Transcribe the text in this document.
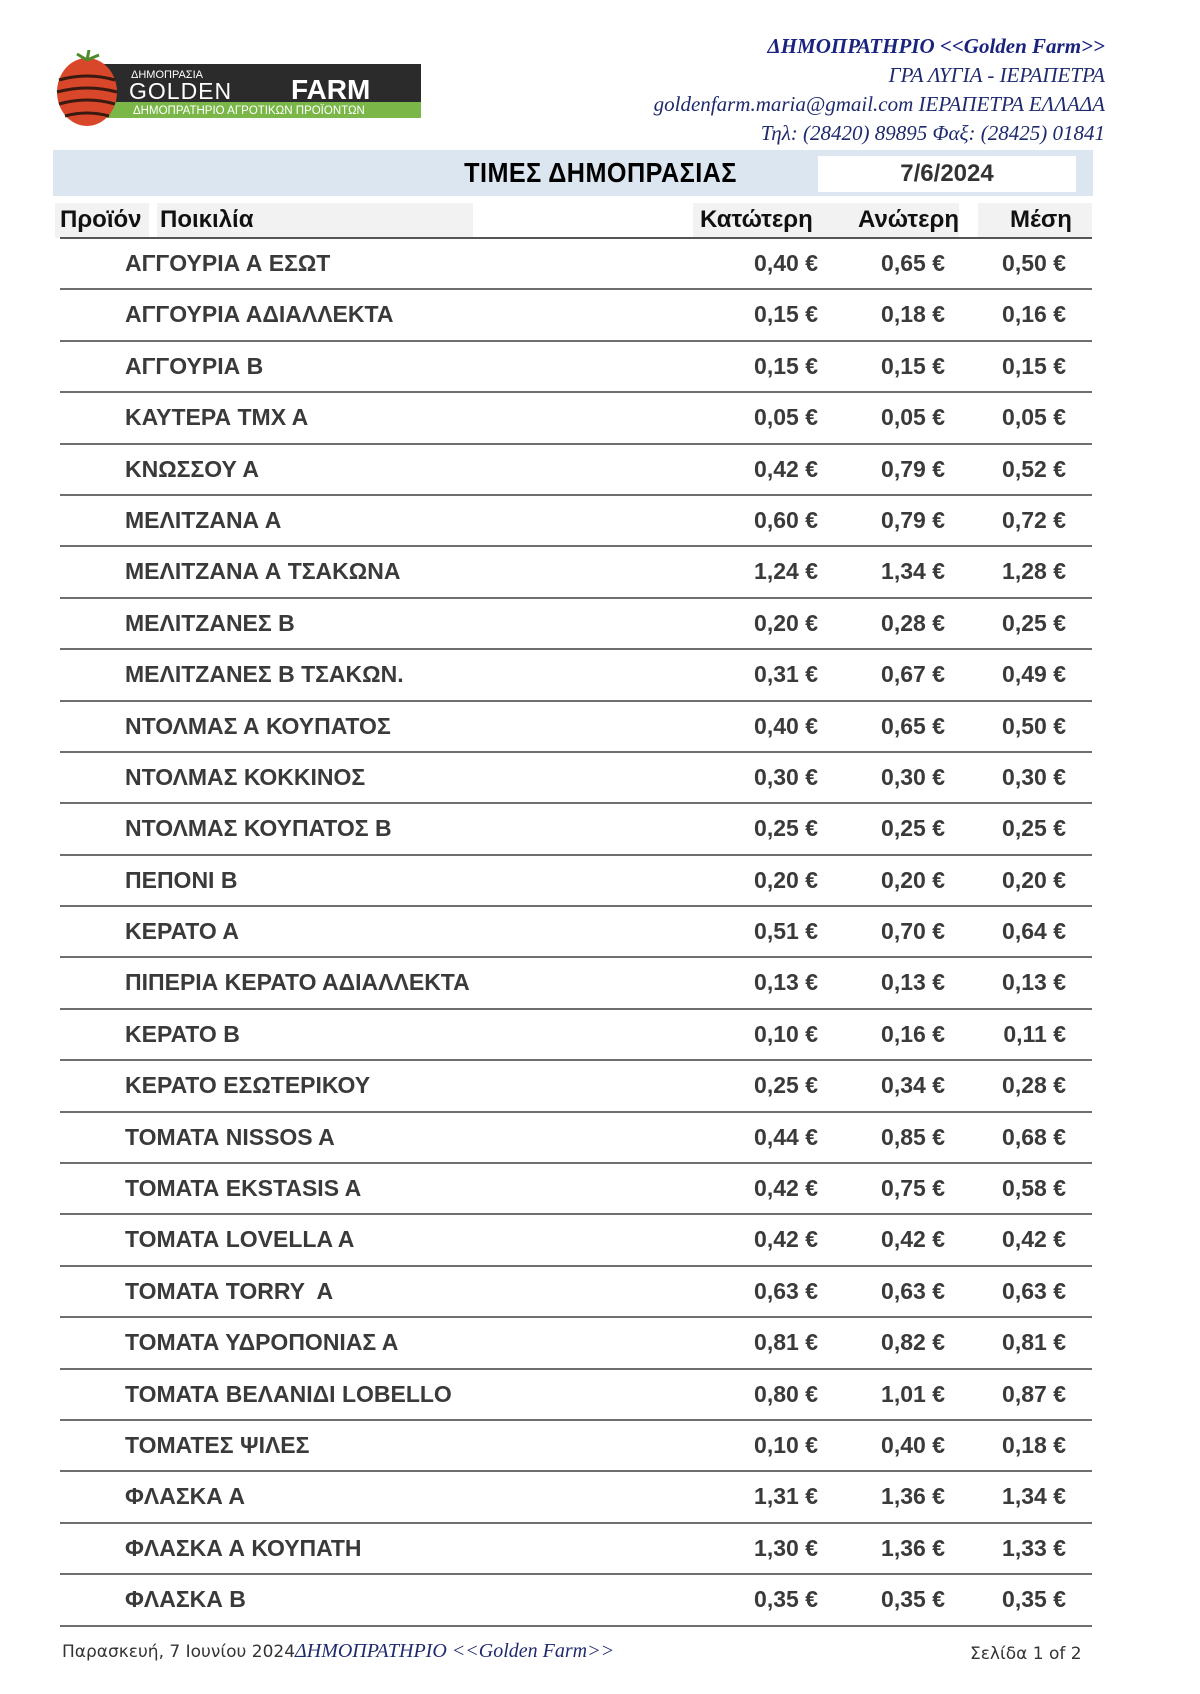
ΔΗΜΟΠΡΑΣΙΑ
GOLDEN FARM
ΔΗΜΟΠΡΑΤΗΡΙΟ ΑΓΡΟΤΙΚΩΝ ΠΡΟΪΟΝΤΩΝ
ΔΗΜΟΠΡΑΤΗΡΙΟ <<Golden Farm>>
ΓΡΑ ΛΥΓΙΑ - ΙΕΡΑΠΕΤΡΑ
goldenfarm.maria@gmail.com ΙΕΡΑΠΕΤΡΑ ΕΛΛΑΔΑ
Τηλ: (28420) 89895 Φαξ: (28425) 01841
ΤΙΜΕΣ ΔΗΜΟΠΡΑΣΙΑΣ	7/6/2024
Προϊόν Ποικιλία	Κατώτερη Ανώτερη Μέση
ΑΓΓΟΥΡΙΑ Α ΕΣΩΤ	0,40 €	0,65 €	0,50 €
ΑΓΓΟΥΡΙΑ ΑΔΙΑΛΛΕΚΤΑ	0,15 €	0,18 €	0,16 €
ΑΓΓΟΥΡΙΑ Β	0,15 €	0,15 €	0,15 €
ΚΑΥΤΕΡΑ ΤΜΧ Α	0,05 €	0,05 €	0,05 €
ΚΝΩΣΣΟΥ Α	0,42 €	0,79 €	0,52 €
ΜΕΛΙΤΖΑΝΑ Α	0,60 €	0,79 €	0,72 €
ΜΕΛΙΤΖΑΝΑ Α ΤΣΑΚΩΝΑ	1,24 €	1,34 €	1,28 €
ΜΕΛΙΤΖΑΝΕΣ Β	0,20 €	0,28 €	0,25 €
ΜΕΛΙΤΖΑΝΕΣ Β ΤΣΑΚΩΝ.	0,31 €	0,67 €	0,49 €
ΝΤΟΛΜΑΣ Α ΚΟΥΠΑΤΟΣ	0,40 €	0,65 €	0,50 €
ΝΤΟΛΜΑΣ ΚΟΚΚΙΝΟΣ	0,30 €	0,30 €	0,30 €
ΝΤΟΛΜΑΣ ΚΟΥΠΑΤΟΣ Β	0,25 €	0,25 €	0,25 €
ΠΕΠΟΝΙ Β	0,20 €	0,20 €	0,20 €
ΚΕΡΑΤΟ Α	0,51 €	0,70 €	0,64 €
ΠΙΠΕΡΙΑ ΚΕΡΑΤΟ ΑΔΙΑΛΛΕΚΤΑ	0,13 €	0,13 €	0,13 €
ΚΕΡΑΤΟ Β	0,10 €	0,16 €	0,11 €
ΚΕΡΑΤΟ ΕΣΩΤΕΡΙΚΟΥ	0,25 €	0,34 €	0,28 €
ΤΟΜΑΤΑ NISSOS A	0,44 €	0,85 €	0,68 €
ΤΟΜΑΤΑ EKSTASIS A	0,42 €	0,75 €	0,58 €
ΤΟΜΑΤΑ LOVELLA A	0,42 €	0,42 €	0,42 €
ΤΟΜΑΤΑ TORRY  A	0,63 €	0,63 €	0,63 €
ΤΟΜΑΤΑ ΥΔΡΟΠΟΝΙΑΣ Α	0,81 €	0,82 €	0,81 €
ΤΟΜΑΤΑ ΒΕΛΑΝΙΔΙ LOBELLO	0,80 €	1,01 €	0,87 €
ΤΟΜΑΤΕΣ ΨΙΛΕΣ	0,10 €	0,40 €	0,18 €
ΦΛΑΣΚΑ Α	1,31 €	1,36 €	1,34 €
ΦΛΑΣΚΑ Α ΚΟΥΠΑΤΗ	1,30 €	1,36 €	1,33 €
ΦΛΑΣΚΑ Β	0,35 €	0,35 €	0,35 €
Παρασκευή, 7 Ιουνίου 2024ΔΗΜΟΠΡΑΤΗΡΙΟ <<Golden Farm>>	Σελίδα 1 of 2
